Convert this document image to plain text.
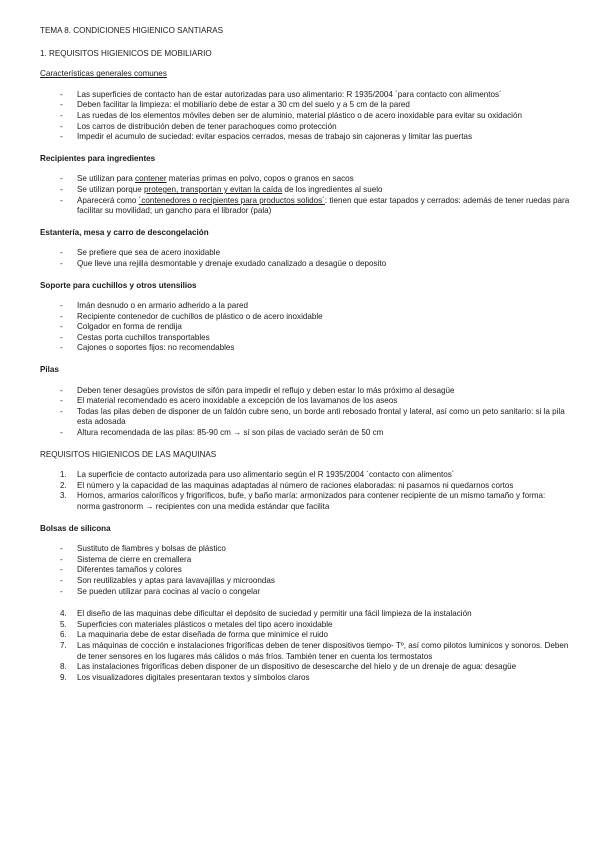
TEMA 8. CONDICIONES HIGIENICO SANTIARAS

1. REQUISITOS HIGIENICOS DE MOBILIARIO

Características generales comunes

- Las superficies de contacto han de estar autorizadas para uso alimentario: R 1935/2004 ´para contacto con alimentos´
- Deben facilitar la limpieza: el mobiliario debe de estar a 30 cm del suelo y a 5 cm de la pared
- Las ruedas de los elementos móviles deben ser de aluminio, material plástico o de acero inoxidable para evitar su oxidación
- Los carros de distribución deben de tener parachoques como protección
- Impedir el acumulo de suciedad: evitar espacios cerrados, mesas de trabajo sin cajoneras y limitar las puertas

Recipientes para ingredientes

- Se utilizan para contener materias primas en polvo, copos o granos en sacos
- Se utilizan porque protegen, transportan y evitan la caída de los ingredientes al suelo
- Aparecerá como ´contenedores o recipientes para productos solidos´: tienen que estar tapados y cerrados: además de tener ruedas para facilitar su movilidad; un gancho para el librador (pala)

Estantería, mesa y carro de descongelación

- Se prefiere que sea de acero inoxidable
- Que lleve una rejilla desmontable y drenaje exudado canalizado a desagüe o deposito

Soporte para cuchillos y otros utensilios

- Imán desnudo o en armario adherido a la pared
- Recipiente contenedor de cuchillos de plástico o de acero inoxidable
- Colgador en forma de rendija
- Cestas porta cuchillos transportables
- Cajones o soportes fijos: no recomendables

Pilas

- Deben tener desagües provistos de sifón para impedir el reflujo y deben estar lo más próximo al desagüe
- El material recomendado es acero inoxidable a excepción de los lavamanos de los aseos
- Todas las pilas deben de disponer de un faldón cubre seno, un borde anti rebosado frontal y lateral, así como un peto sanitario: si la pila esta adosada
- Altura recomendada de las pilas: 85-90 cm → sí son pilas de vaciado serán de 50 cm

REQUISITOS HIGIENICOS DE LAS MAQUINAS

1. La superficie de contacto autorizada para uso alimentario según el R 1935/2004 ´contacto con alimentos´
2. El número y la capacidad de las maquinas adaptadas al número de raciones elaboradas: ni pasarnos ni quedarnos cortos
3. Hornos, armarios caloríficos y frigoríficos, bufe, y baño maría: armonizados para contener recipiente de un mismo tamaño y forma: norma gastronorm → recipientes con una medida estándar que facilita

Bolsas de silicona

- Sustituto de fiambres y bolsas de plástico
- Sistema de cierre en cremallera
- Diferentes tamaños y colores
- Son reutilizables y aptas para lavavajillas y microondas
- Se pueden utilizar para cocinas al vacío o congelar
4. El diseño de las maquinas debe dificultar el depósito de suciedad y permitir una fácil limpieza de la instalación
5. Superficies con materiales plásticos o metales del tipo acero inoxidable
6. La maquinaria debe de estar diseñada de forma que minimice el ruido
7. Las máquinas de cocción e instalaciones frigoríficas deben de tener dispositivos tiempo- Tº, así como pilotos luminicos y sonoros. Deben de tener sensores en los lugares más cálidos o más fríos. También tener en cuenta los termostatos
8. Las instalaciones frigoríficas deben disponer de un dispositivo de desescarche del hielo y de un drenaje de agua: desagüe
9. Los visualizadores digitales presentaran textos y símbolos claros
